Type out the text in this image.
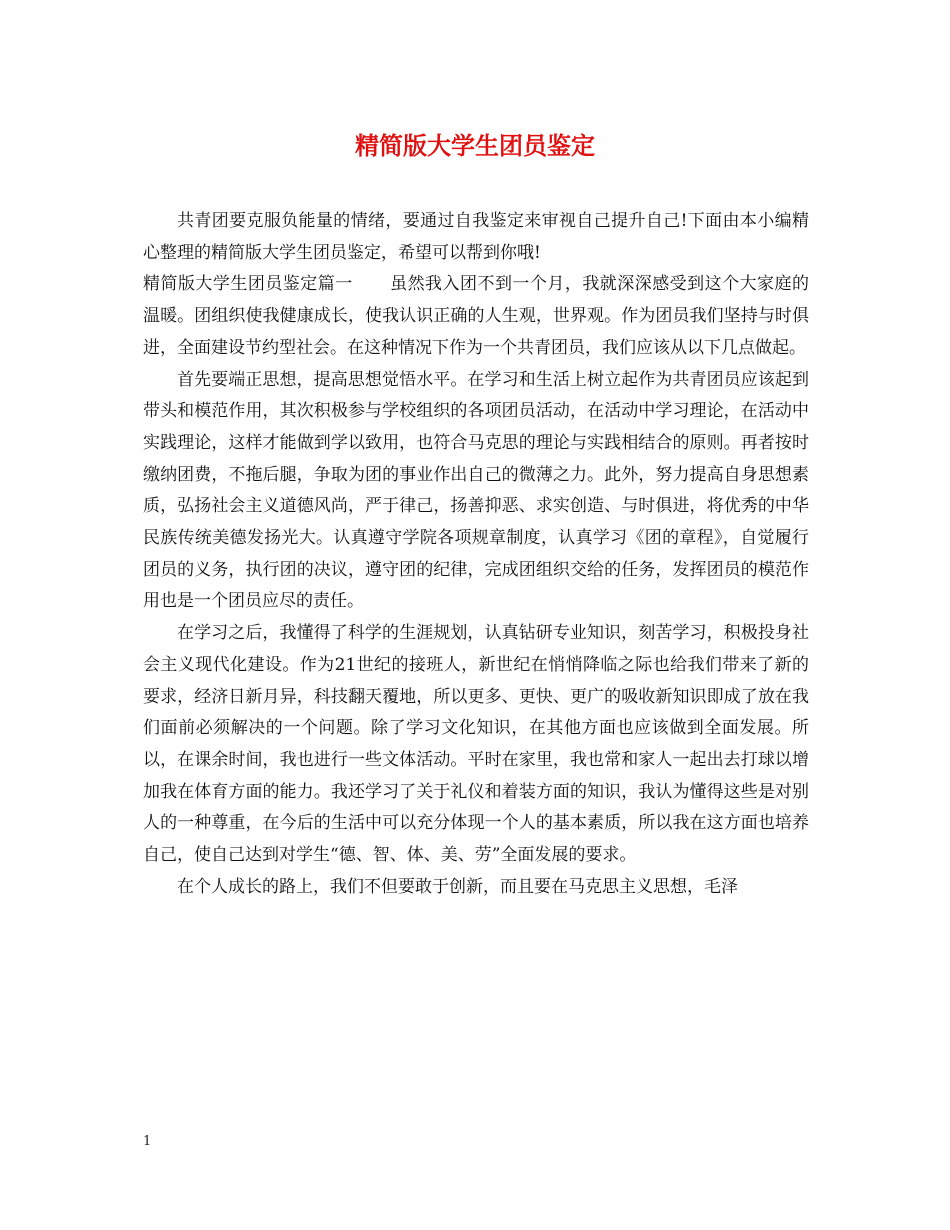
精简版大学生团员鉴定

共青团要克服负能量的情绪，要通过自我鉴定来审视自己提升自己!下面由本小编精心整理的精简版大学生团员鉴定，希望可以帮到你哦!

精简版大学生团员鉴定篇一 虽然我入团不到一个月，我就深深感受到这个大家庭的温暖。团组织使我健康成长，使我认识正确的人生观，世界观。作为团员我们坚持与时俱进，全面建设节约型社会。在这种情况下作为一个共青团员，我们应该从以下几点做起。

首先要端正思想，提高思想觉悟水平。在学习和生活上树立起作为共青团员应该起到带头和模范作用，其次积极参与学校组织的各项团员活动，在活动中学习理论，在活动中实践理论，这样才能做到学以致用，也符合马克思的理论与实践相结合的原则。再者按时缴纳团费，不拖后腿，争取为团的事业作出自己的微薄之力。此外，努力提高自身思想素质，弘扬社会主义道德风尚，严于律己，扬善抑恶、求实创造、与时俱进，将优秀的中华民族传统美德发扬光大。认真遵守学院各项规章制度，认真学习《团的章程》，自觉履行团员的义务，执行团的决议，遵守团的纪律，完成团组织交给的任务，发挥团员的模范作用也是一个团员应尽的责任。

在学习之后，我懂得了科学的生涯规划，认真钻研专业知识，刻苦学习，积极投身社会主义现代化建设。作为21世纪的接班人，新世纪在悄悄降临之际也给我们带来了新的要求，经济日新月异，科技翻天覆地，所以更多、更快、更广的吸收新知识即成了放在我们面前必须解决的一个问题。除了学习文化知识，在其他方面也应该做到全面发展。所以，在课余时间，我也进行一些文体活动。平时在家里，我也常和家人一起出去打球以增加我在体育方面的能力。我还学习了关于礼仪和着装方面的知识，我认为懂得这些是对别人的一种尊重，在今后的生活中可以充分体现一个人的基本素质，所以我在这方面也培养自己，使自己达到对学生“德、智、体、美、劳”全面发展的要求。

在个人成长的路上，我们不但要敢于创新，而且要在马克思主义思想，毛泽

1
